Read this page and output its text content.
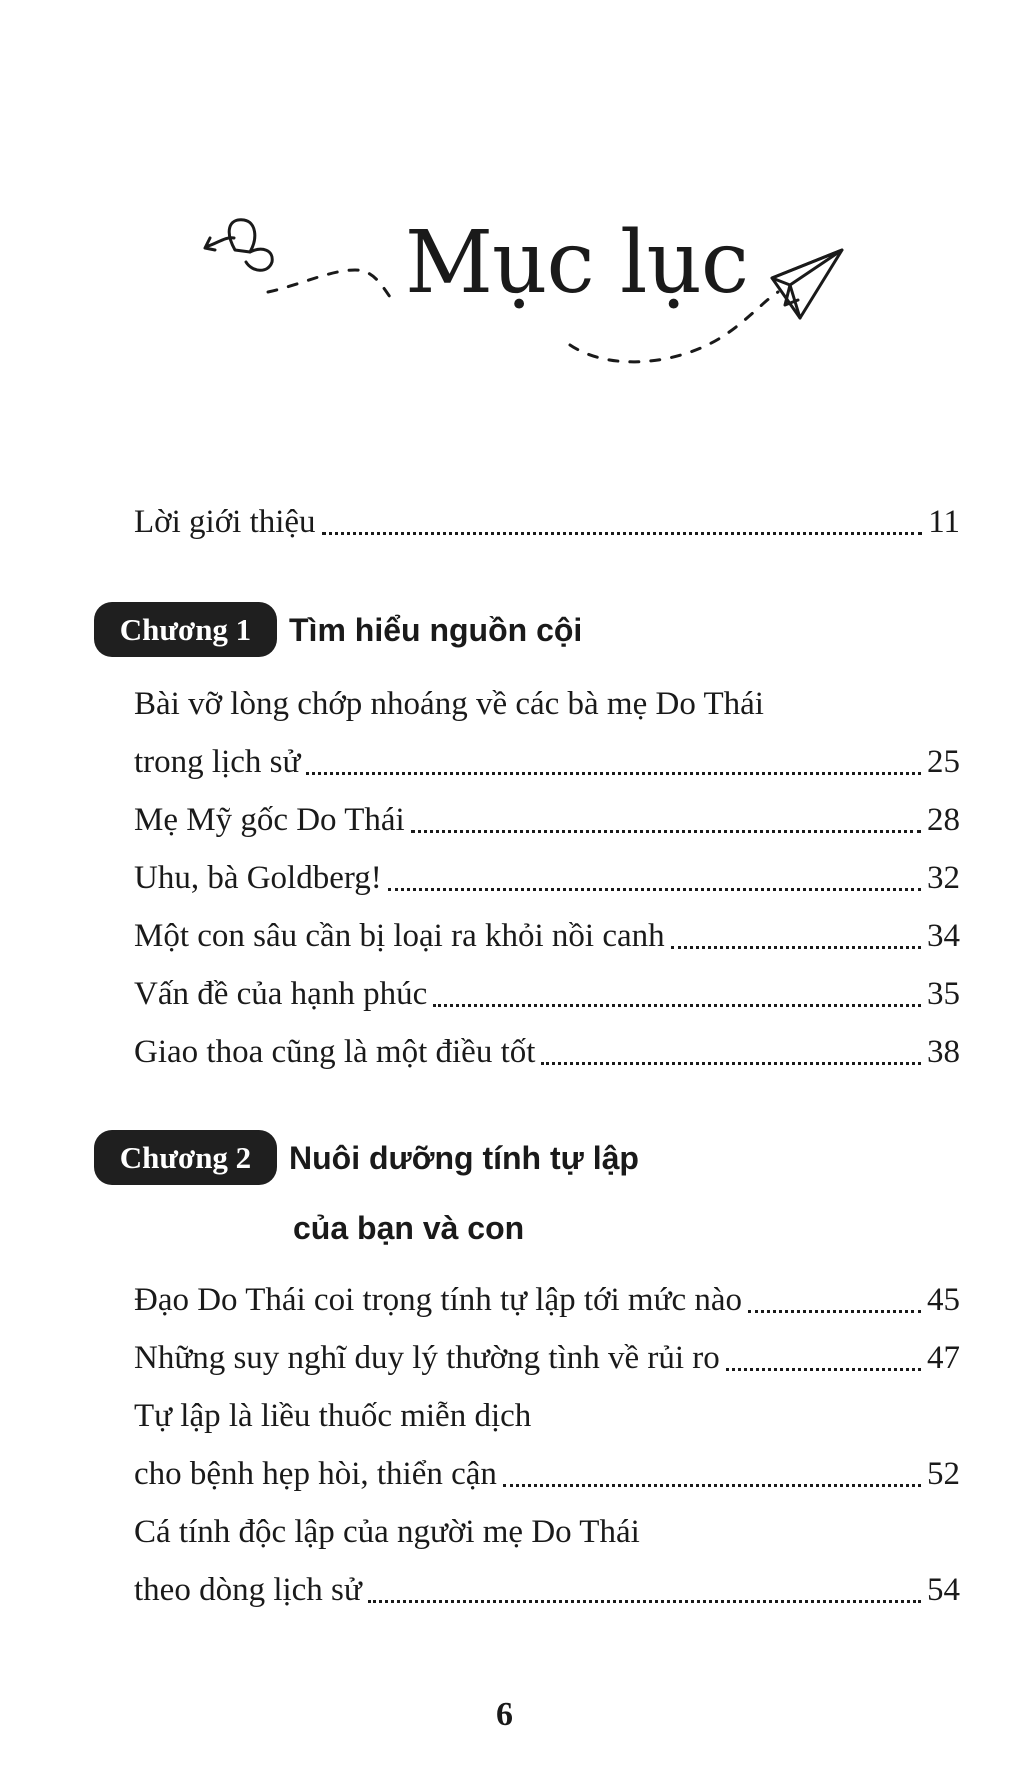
Mục lục
Lời giới thiệu	11
Chương 1	Tìm hiểu nguồn cội
Bài vỡ lòng chớp nhoáng về các bà mẹ Do Thái
trong lịch sử	25
Mẹ Mỹ gốc Do Thái	28
Uhu, bà Goldberg!	32
Một con sâu cần bị loại ra khỏi nồi canh	34
Vấn đề của hạnh phúc	35
Giao thoa cũng là một điều tốt	38
Chương 2	Nuôi dưỡng tính tự lập
của bạn và con
Đạo Do Thái coi trọng tính tự lập tới mức nào	45
Những suy nghĩ duy lý thường tình về rủi ro	47
Tự lập là liều thuốc miễn dịch
cho bệnh hẹp hòi, thiển cận	52
Cá tính độc lập của người mẹ Do Thái
theo dòng lịch sử	54
6
